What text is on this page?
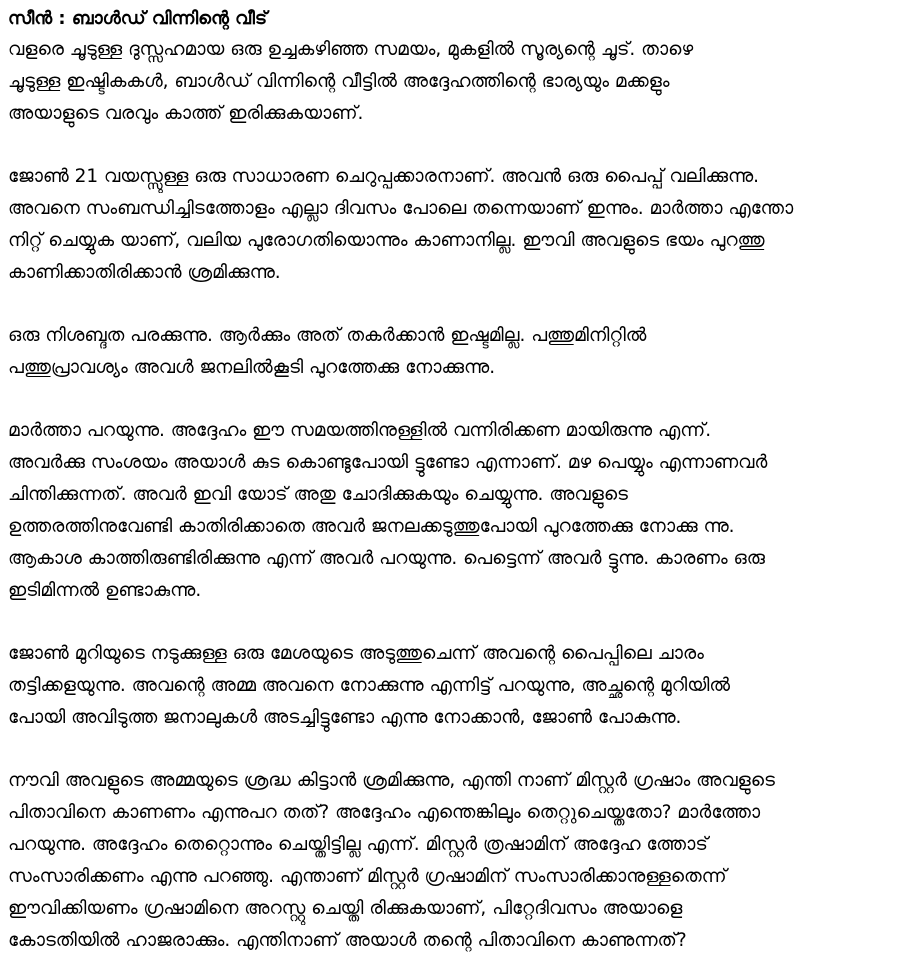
സീൻ : ബാൾഡ് വിന്നിന്റെ വീട്
വളരെ ചൂടുള്ള ദുസ്സഹമായ ഒരു ഉച്ചകഴിഞ്ഞ സമയം, മുകളിൽ സൂര്യന്റെ ചൂട്. താഴെ
ചൂടുള്ള ഇഷ്ടികകൾ, ബാൾഡ് വിന്നിന്റെ വീട്ടിൽ അദ്ദേഹത്തിന്റെ ഭാര്യയും മക്കളും
അയാളുടെ വരവും കാത്ത് ഇരിക്കുകയാണ്.
ജോൺ 21 വയസ്സുള്ള ഒരു സാധാരണ ചെറുപ്പക്കാരനാണ്. അവൻ ഒരു പൈപ്പ് വലിക്കുന്നു.
അവനെ സംബന്ധിച്ചിടത്തോളം എല്ലാ ദിവസം പോലെ തന്നെയാണ് ഇന്നും. മാർത്താ എന്തോ
നിറ്റ് ചെയ്യുക യാണ്, വലിയ പുരോഗതിയൊന്നും കാണാനില്ല. ഈവി അവളുടെ ഭയം പുറത്തു
കാണിക്കാതിരിക്കാൻ ശ്രമിക്കുന്നു.
ഒരു നിശബ്ദത പരക്കുന്നു. ആർക്കും അത് തകർക്കാൻ ഇഷ്ടമില്ല. പത്തുമിനിറ്റിൽ
പത്തുപ്രാവശ്യം അവൾ ജനലിൽകൂടി പുറത്തേക്കു നോക്കുന്നു.
മാർത്താ പറയുന്നു. അദ്ദേഹം ഈ സമയത്തിനുള്ളിൽ വന്നിരിക്കണ മായിരുന്നു എന്ന്.
അവർക്കു സംശയം അയാൾ കുട കൊണ്ടുപോയി ട്ടുണ്ടോ എന്നാണ്. മഴ പെയ്യും എന്നാണവർ
ചിന്തിക്കുന്നത്. അവർ ഇവി യോട് അതു ചോദിക്കുകയും ചെയ്യുന്നു. അവളുടെ
ഉത്തരത്തിനുവേണ്ടി കാതിരിക്കാതെ അവർ ജനലക്കടുത്തുപോയി പുറത്തേക്കു നോക്കു ന്നു.
ആകാശ കാത്തിരുണ്ടിരിക്കുന്നു എന്ന് അവർ പറയുന്നു. പെട്ടെന്ന് അവർ ട്ടുന്നു. കാരണം ഒരു
ഇടിമിന്നൽ ഉണ്ടാകുന്നു.
ജോൺ മുറിയുടെ നടുക്കുള്ള ഒരു മേശയുടെ അടുത്തുചെന്ന് അവന്റെ പൈപ്പിലെ ചാരം
തട്ടിക്കളയുന്നു. അവന്റെ അമ്മ അവനെ നോക്കുന്നു എന്നിട്ട് പറയുന്നു, അച്ഛന്റെ മുറിയിൽ
പോയി അവിടുത്ത ജനാലുകൾ അടച്ചിട്ടുണ്ടോ എന്നു നോക്കാൻ, ജോൺ പോകുന്നു.
നൗവി അവളുടെ അമ്മയുടെ ശ്രദ്ധ കിട്ടാൻ ശ്രമിക്കുന്നു, എന്തി നാണ് മിസ്റ്റർ ഗ്രഷാം അവളുടെ
പിതാവിനെ കാണണം എന്നുപറ തത്? അദ്ദേഹം എന്തെങ്കിലും തെറ്റുചെയ്തതോ? മാർത്തോ
പറയുന്നു. അദ്ദേഹം തെറ്റൊന്നും ചെയ്തിട്ടില്ല എന്ന്. മിസ്റ്റർ ത്രഷാമിന് അദ്ദേഹ ത്തോട്
സംസാരിക്കണം എന്നു പറഞ്ഞു. എന്താണ് മിസ്റ്റർ ഗ്രഷാമിന് സംസാരിക്കാനുള്ളതെന്ന്
ഈവിക്കിയണം ഗ്രഷാമിനെ അറസ്റ്റു ചെയ്തി രിക്കുകയാണ്, പിറ്റേദിവസം അയാളെ
കോടതിയിൽ ഹാജരാക്കും. എന്തിനാണ് അയാൾ തന്റെ പിതാവിനെ കാണുന്നത്?
